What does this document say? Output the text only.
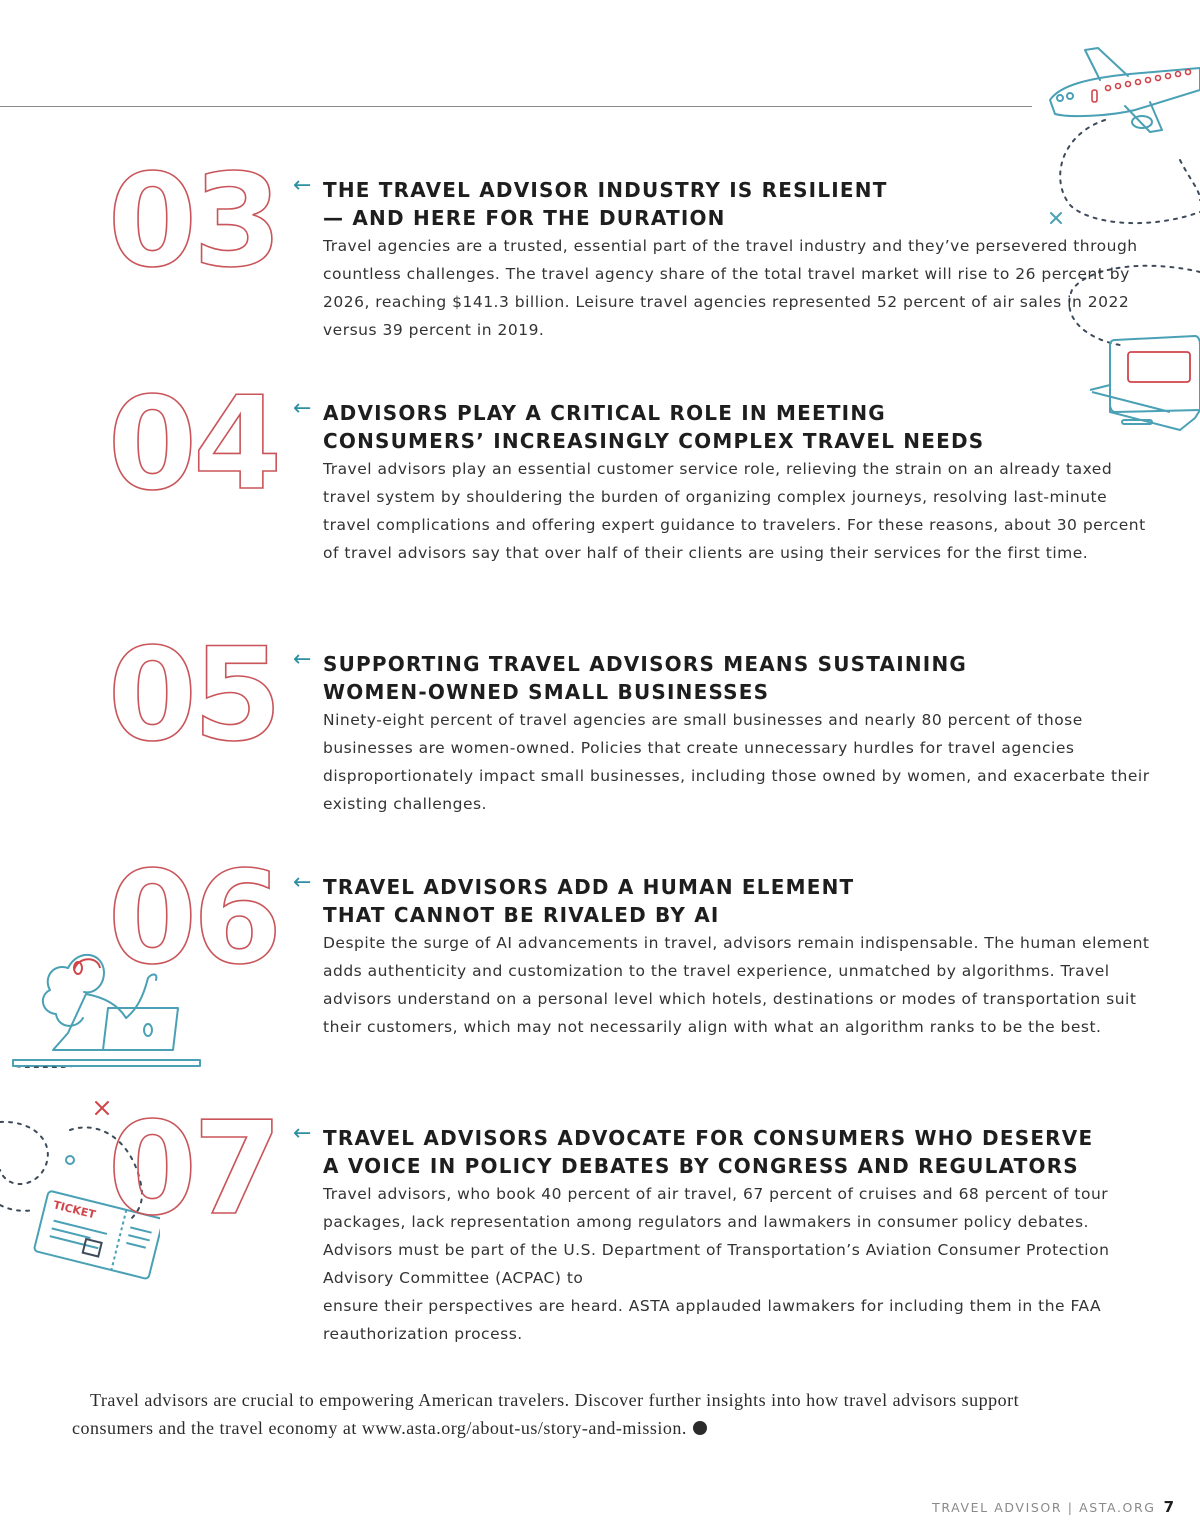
TICKET
03 ← THE TRAVEL ADVISOR INDUSTRY IS RESILIENT
— AND HERE FOR THE DURATION

Travel agencies are a trusted, essential part of the travel industry and they’ve persevered through countless challenges. The travel agency share of the total travel market will rise to 26 percent by 2026, reaching $141.3 billion. Leisure travel agencies represented 52 percent of air sales in 2022 versus 39 percent in 2019.

04 ← ADVISORS PLAY A CRITICAL ROLE IN MEETING
CONSUMERS’ INCREASINGLY COMPLEX TRAVEL NEEDS

Travel advisors play an essential customer service role, relieving the strain on an already taxed travel system by shouldering the burden of organizing complex journeys, resolving last-minute travel complications and offering expert guidance to travelers. For these reasons, about 30 percent of travel advisors say that over half of their clients are using their services for the first time.

05 ← SUPPORTING TRAVEL ADVISORS MEANS SUSTAINING
WOMEN-OWNED SMALL BUSINESSES

Ninety-eight percent of travel agencies are small businesses and nearly 80 percent of those businesses are women-owned. Policies that create unnecessary hurdles for travel agencies disproportionately impact small businesses, including those owned by women, and exacerbate their existing challenges.

06 ← TRAVEL ADVISORS ADD A HUMAN ELEMENT
THAT CANNOT BE RIVALED BY AI

Despite the surge of AI advancements in travel, advisors remain indispensable. The human element adds authenticity and customization to the travel experience, unmatched by algorithms. Travel advisors understand on a personal level which hotels, destinations or modes of transportation suit their customers, which may not necessarily align with what an algorithm ranks to be the best.

07 ← TRAVEL ADVISORS ADVOCATE FOR CONSUMERS WHO DESERVE
A VOICE IN POLICY DEBATES BY CONGRESS AND REGULATORS

Travel advisors, who book 40 percent of air travel, 67 percent of cruises and 68 percent of tour packages, lack representation among regulators and lawmakers in consumer policy debates. Advisors must be part of the U.S. Department of Transportation’s Aviation Consumer Protection Advisory Committee (ACPAC) to

ensure their perspectives are heard. ASTA applauded lawmakers for including them in the FAA reauthorization process.

Travel advisors are crucial to empowering American travelers. Discover further insights into how travel advisors support consumers and the travel economy at www.asta.org/about-us/story-and-mission.

TRAVEL ADVISOR | ASTA.ORG 7
